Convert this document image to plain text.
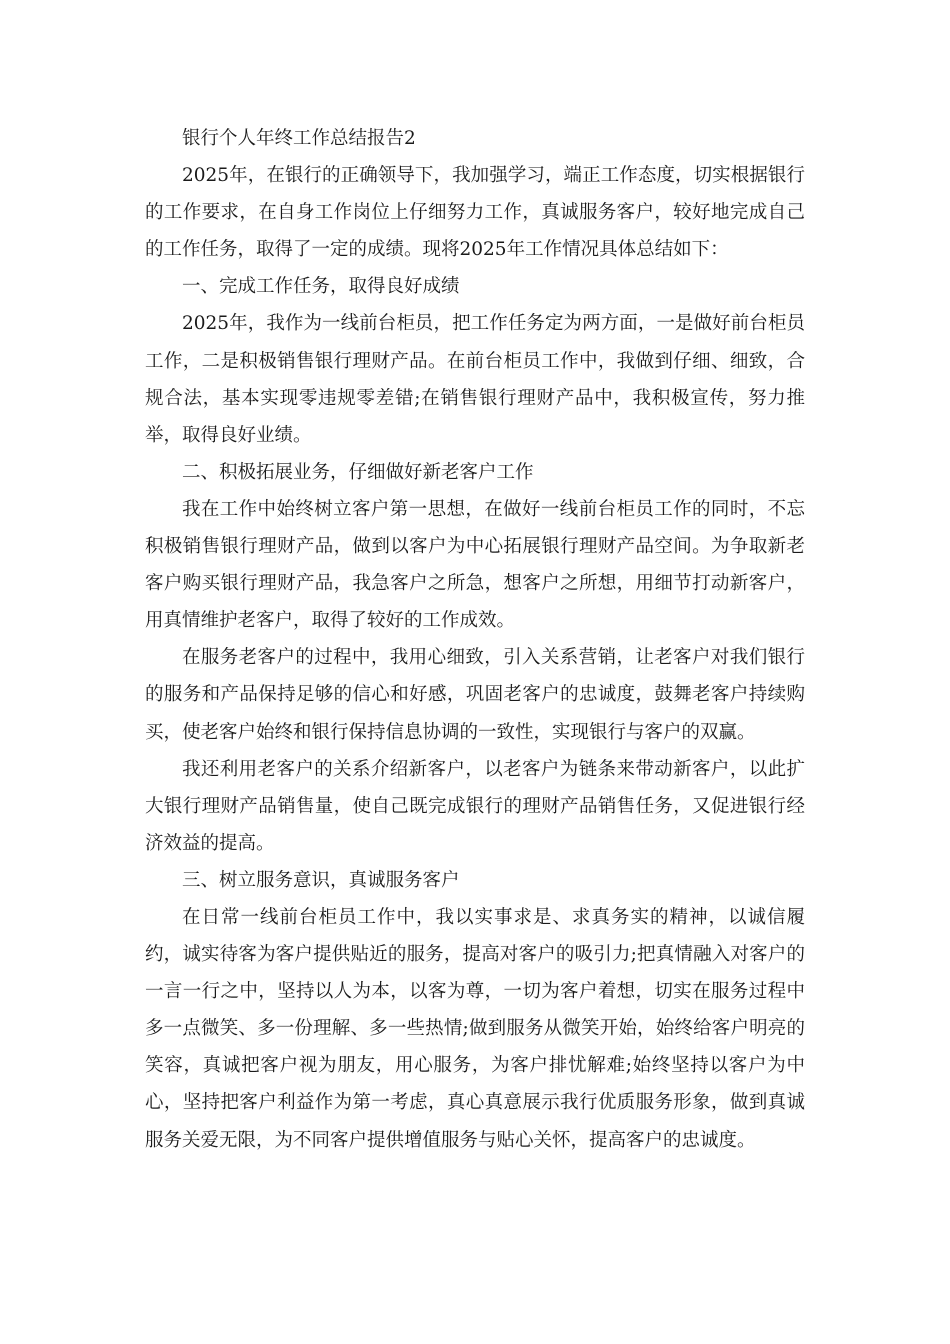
银行个人年终工作总结报告2

2025年，在银行的正确领导下，我加强学习，端正工作态度，切实根据银行的工作要求，在自身工作岗位上仔细努力工作，真诚服务客户，较好地完成自己的工作任务，取得了一定的成绩。现将2025年工作情况具体总结如下：

一、完成工作任务，取得良好成绩

2025年，我作为一线前台柜员，把工作任务定为两方面，一是做好前台柜员工作，二是积极销售银行理财产品。在前台柜员工作中，我做到仔细、细致，合规合法，基本实现零违规零差错;在销售银行理财产品中，我积极宣传，努力推举，取得良好业绩。

二、积极拓展业务，仔细做好新老客户工作

我在工作中始终树立客户第一思想，在做好一线前台柜员工作的同时，不忘积极销售银行理财产品，做到以客户为中心拓展银行理财产品空间。为争取新老客户购买银行理财产品，我急客户之所急，想客户之所想，用细节打动新客户，用真情维护老客户，取得了较好的工作成效。

在服务老客户的过程中，我用心细致，引入关系营销，让老客户对我们银行的服务和产品保持足够的信心和好感，巩固老客户的忠诚度，鼓舞老客户持续购买，使老客户始终和银行保持信息协调的一致性，实现银行与客户的双赢。

我还利用老客户的关系介绍新客户，以老客户为链条来带动新客户，以此扩大银行理财产品销售量，使自己既完成银行的理财产品销售任务，又促进银行经济效益的提高。

三、树立服务意识，真诚服务客户

在日常一线前台柜员工作中，我以实事求是、求真务实的精神，以诚信履约，诚实待客为客户提供贴近的服务，提高对客户的吸引力;把真情融入对客户的一言一行之中，坚持以人为本，以客为尊，一切为客户着想，切实在服务过程中多一点微笑、多一份理解、多一些热情;做到服务从微笑开始，始终给客户明亮的笑容，真诚把客户视为朋友，用心服务，为客户排忧解难;始终坚持以客户为中心，坚持把客户利益作为第一考虑，真心真意展示我行优质服务形象，做到真诚服务关爱无限，为不同客户提供增值服务与贴心关怀，提高客户的忠诚度。
